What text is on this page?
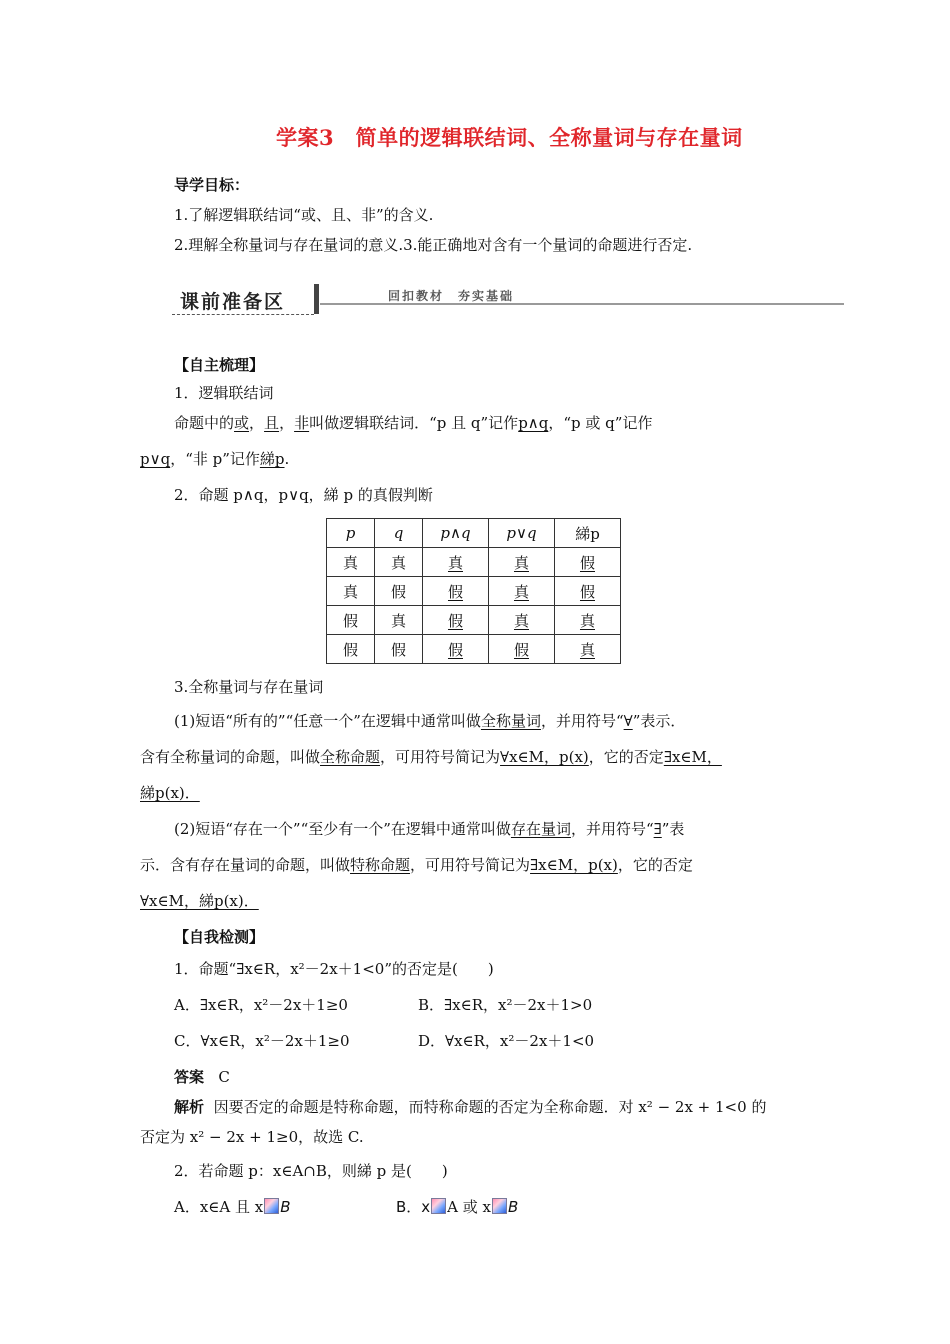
学案3　简单的逻辑联结词、全称量词与存在量词
导学目标：
1.了解逻辑联结词“或、且、非”的含义.
2.理解全称量词与存在量词的意义.3.能正确地对含有一个量词的命题进行否定.
课前准备区	回扣教材　夯实基础
【自主梳理】
1．逻辑联结词
命题中的或，且，非叫做逻辑联结词．“p 且 q”记作p∧q，“p 或 q”记作
p∨q，“非 p”记作綈p.
2．命题 p∧q，p∨q，綈 p 的真假判断
p	q	p∧q	p∨q	綈p
真	真	真	真	假
真	假	假	真	假
假	真	假	真	真
假	假	假	假	真
3.全称量词与存在量词
(1)短语“所有的”“任意一个”在逻辑中通常叫做全称量词，并用符号“∀”表示．
含有全称量词的命题，叫做全称命题，可用符号简记为∀x∈M，p(x)，它的否定∃x∈M，
綈p(x)．
(2)短语“存在一个”“至少有一个”在逻辑中通常叫做存在量词，并用符号“∃”表
示．含有存在量词的命题，叫做特称命题，可用符号简记为∃x∈M，p(x)，它的否定
∀x∈M，綈p(x)．
【自我检测】
1．命题“∃x∈R，x²－2x＋1<0”的否定是(　　)
A．∃x∈R，x²－2x＋1≥0	B．∃x∈R，x²－2x＋1>0
C．∀x∈R，x²－2x＋1≥0	D．∀x∈R，x²－2x＋1<0
答案 C
解析 因要否定的命题是特称命题，而特称命题的否定为全称命题．对 x² − 2x + 1<0 的
否定为 x² − 2x + 1≥0，故选 C.
2．若命题 p：x∈A∩B，则綈 p 是(　　)
A．x∈A 且 x B	B．x A 或 x B
